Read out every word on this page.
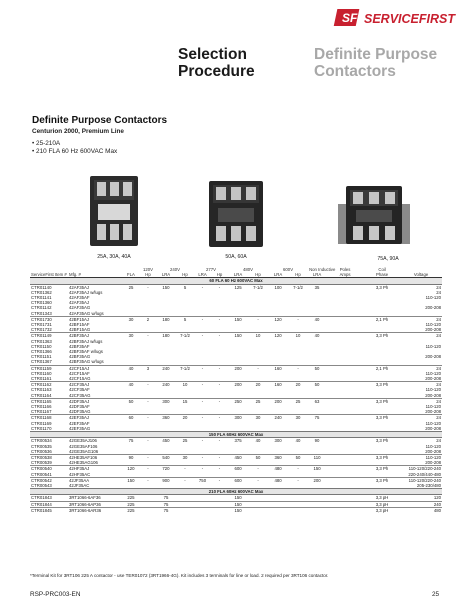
SF SERVICEFIRST
Selection
Procedure
Definite Purpose
Contactors
Definite Purpose Contactors
Centurion 2000, Premium Line
• 25-210A
• 210 FLA 60 Hz 600VAC Max
25A, 30A, 40A	50A, 60A	75A, 90A
			120V	240V		277V		480V		600V		Non Inductive	Poles	Coil	
ServiceFirst Item #	Mfg. #	FLA	Hp	LRA	Hp	LRA	Hp	LRA	Hp	LRA	Hp	LRA	Amps	Phase	Voltage
60 FLA 60 Hz 600VAC Max															
CTR01140	42AF35AJ	25	-	150	5	-	-	125	7-1/2	100	7-1/2	35		3,3 Ph	24
CTR01362	42AF35AJ w/lugs														24
CTR01141	42AF35AF														110-120
CTR01360	42AF35AJ														
CTR01142	42AF35AG														200-208
CTR01343	42AF35AG w/lugs														
CTR01730	42BF15AJ	30	2	180	5	-	-	150	-	120	-	40		2,1 Ph	24
CTR01731	42BF15AF														110-120
CTR01732	42BF15AG														200-208
CTR01149	42BF35AJ	30	-	180	7-1/2	-	-	150	10	120	10	40		3,3 Ph	24
CTR01363	42BF35AJ w/lugs														
CTR01150	42BF35AF														110-120
CTR01366	42BF35AF w/lugs														
CTR01151	42BF35AG														200-208
CTR01367	42BF35AG w/lugs														
CTR01159	42CF15AJ	40	3	240	7-1/2	-	-	200	-	160	-	50		2,1 Ph	24
CTR01160	42CF15AF														110-120
CTR01161	42CF15AG														200-208
CTR01162	42CF35AJ	40	-	240	10	-	-	200	20	160	20	50		3,3 Ph	24
CTR01163	42CF35AF														110-120
CTR01164	42CF35AG														200-208
CTR01165	42DF35AJ	50	-	300	15	-	-	250	25	200	25	63		3,3 Ph	24
CTR01166	42DF35AF														110-120
CTR01167	42DF35AG														200-208
CTR01168	42EF35AJ	60	-	360	20	-	-	300	30	240	30	75		3,3 Ph	24
CTR01169	42EF35AF														110-120
CTR01170	42EF35AG														200-208
150 FLA 60Hz 600VAC Max															
CTR00534	42GE35AJ106	75	-	450	25	-	-	375	40	300	40	90		3,3 Ph	24
CTR00535	42GE35AF106														110-120
CTR00536	42GE35AG106														200-208
CTR00538	42HE35AF106	90	-	540	30	-	-	450	50	360	50	110		3,3 Ph	110-120
CTR00539	42HE35AG106														200-208
CTR00540	42HF35AJ	120	-	720	-	-	-	600	-	480	-	150		3,3 Ph	110-120/220-240
CTR00541	42HF35AC														220-240/440-480
CTR00542	42JF35AA	150	-	900	-	750	-	600	-	480	-	200		3,3 Ph	110-120/220-240
CTR00543	42JF35AC														205-230/480
210 FLA 60Hz 600VAC Max															
CTR01843	3RT1066-6AF36	225		75				150						3,3 pH	120
CTR01844	3RT1066-6AP36	225		75				150						3,3 pH	240
CTR01845	3RT1066-6AR36	225		75				150						3,3 pH	480
*Terminal Kit for 3RT106 225 A contactor - use TER01072 (3RT1966-4G). Kit includes 3 terminals for line or load. 2 required per 3RT106 contactor.
RSP-PRC003-EN	25
